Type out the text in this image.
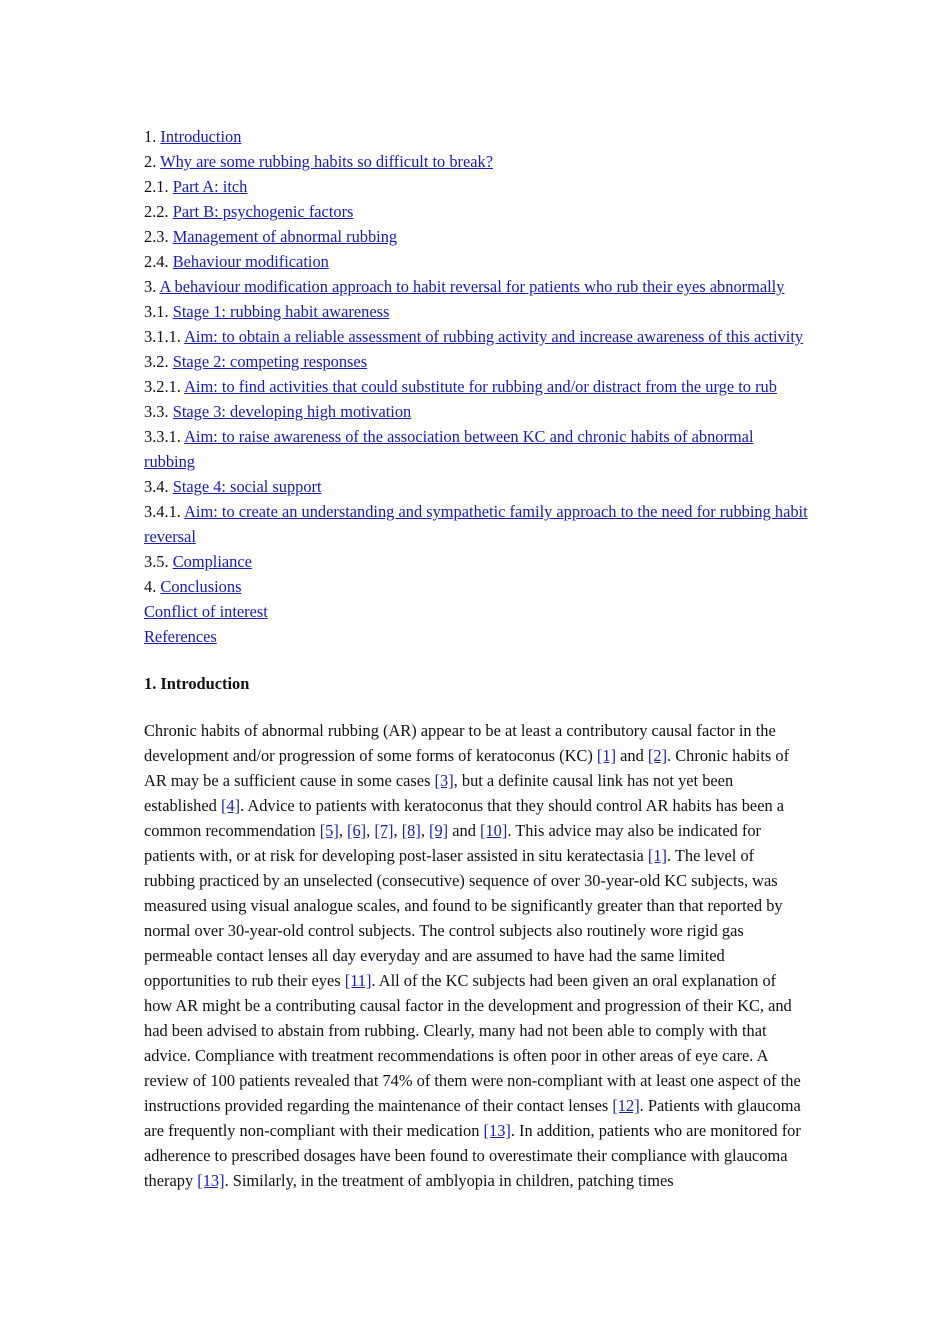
1. Introduction
2. Why are some rubbing habits so difficult to break?
2.1. Part A: itch
2.2. Part B: psychogenic factors
2.3. Management of abnormal rubbing
2.4. Behaviour modification
3. A behaviour modification approach to habit reversal for patients who rub their eyes abnormally
3.1. Stage 1: rubbing habit awareness
3.1.1. Aim: to obtain a reliable assessment of rubbing activity and increase awareness of this activity
3.2. Stage 2: competing responses
3.2.1. Aim: to find activities that could substitute for rubbing and/or distract from the urge to rub
3.3. Stage 3: developing high motivation
3.3.1. Aim: to raise awareness of the association between KC and chronic habits of abnormal rubbing
3.4. Stage 4: social support
3.4.1. Aim: to create an understanding and sympathetic family approach to the need for rubbing habit reversal
3.5. Compliance
4. Conclusions
Conflict of interest
References
1. Introduction
Chronic habits of abnormal rubbing (AR) appear to be at least a contributory causal factor in the development and/or progression of some forms of keratoconus (KC) [1] and [2]. Chronic habits of AR may be a sufficient cause in some cases [3], but a definite causal link has not yet been established [4]. Advice to patients with keratoconus that they should control AR habits has been a common recommendation [5], [6], [7], [8], [9] and [10]. This advice may also be indicated for patients with, or at risk for developing post-laser assisted in situ keratectasia [1]. The level of rubbing practiced by an unselected (consecutive) sequence of over 30-year-old KC subjects, was measured using visual analogue scales, and found to be significantly greater than that reported by normal over 30-year-old control subjects. The control subjects also routinely wore rigid gas permeable contact lenses all day everyday and are assumed to have had the same limited opportunities to rub their eyes [11]. All of the KC subjects had been given an oral explanation of how AR might be a contributing causal factor in the development and progression of their KC, and had been advised to abstain from rubbing. Clearly, many had not been able to comply with that advice. Compliance with treatment recommendations is often poor in other areas of eye care. A review of 100 patients revealed that 74% of them were non-compliant with at least one aspect of the instructions provided regarding the maintenance of their contact lenses [12]. Patients with glaucoma are frequently non-compliant with their medication [13]. In addition, patients who are monitored for adherence to prescribed dosages have been found to overestimate their compliance with glaucoma therapy [13]. Similarly, in the treatment of amblyopia in children, patching times
